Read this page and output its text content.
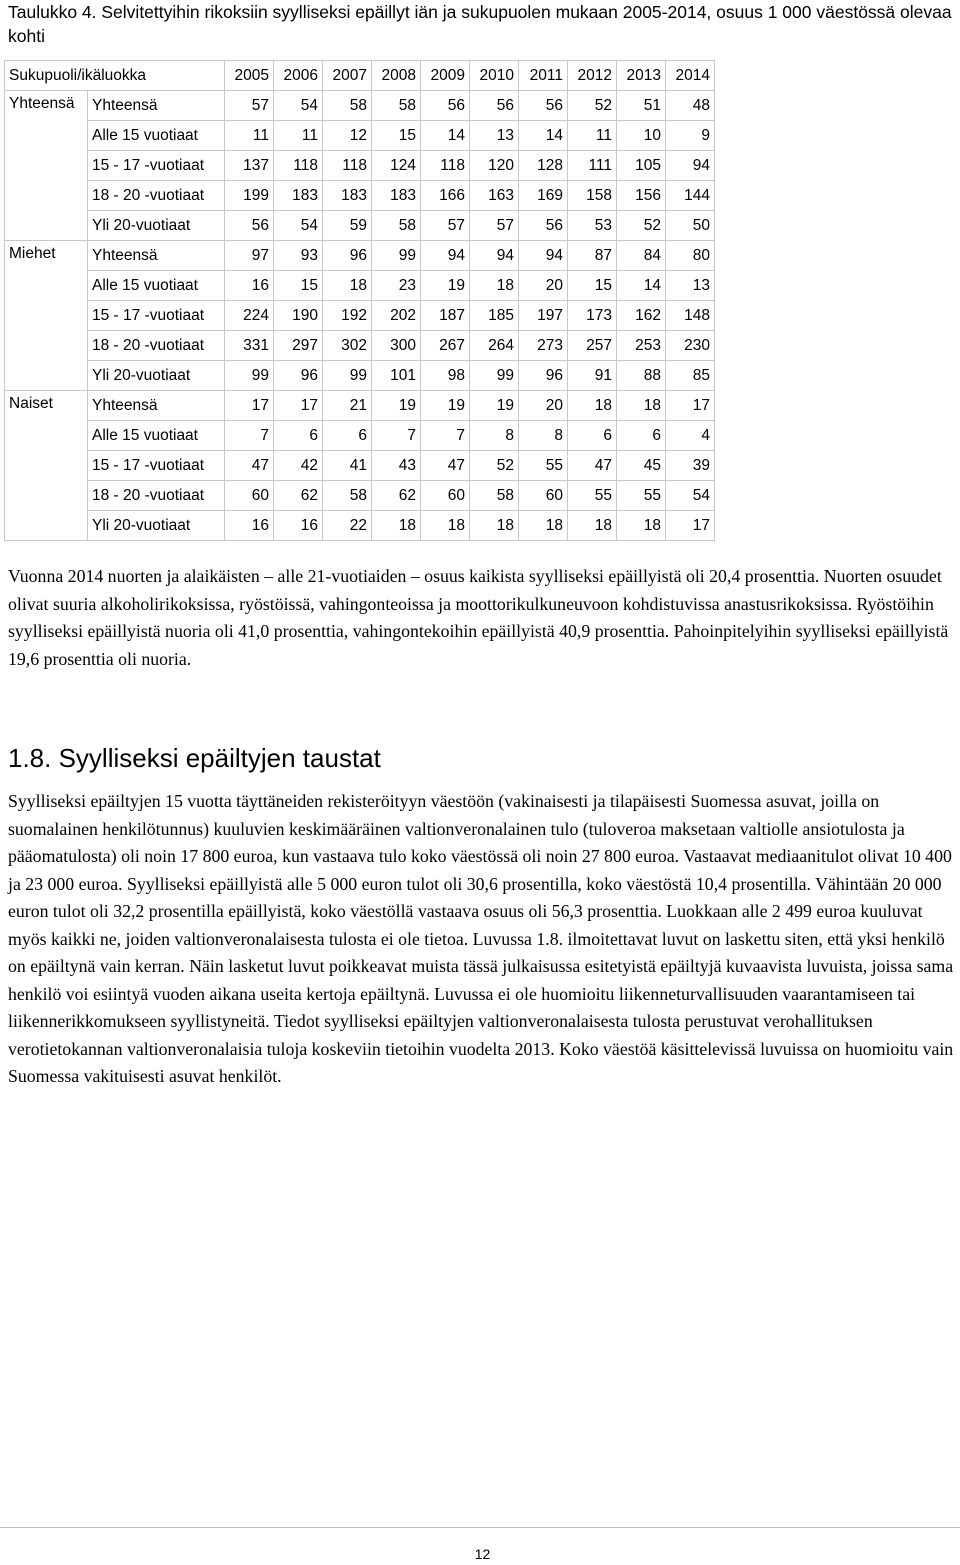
Taulukko 4. Selvitettyihin rikoksiin syylliseksi epäillyt iän ja sukupuolen mukaan 2005-2014, osuus 1 000 väestössä olevaa kohti
Sukupuoli/ikäluokka		2005	2006	2007	2008	2009	2010	2011	2012	2013	2014
Yhteensä	Yhteensä	57	54	58	58	56	56	56	52	51	48
	Alle 15 vuotiaat	11	11	12	15	14	13	14	11	10	9
	15 - 17 -vuotiaat	137	118	118	124	118	120	128	111	105	94
	18 - 20 -vuotiaat	199	183	183	183	166	163	169	158	156	144
	Yli 20-vuotiaat	56	54	59	58	57	57	56	53	52	50
Miehet	Yhteensä	97	93	96	99	94	94	94	87	84	80
	Alle 15 vuotiaat	16	15	18	23	19	18	20	15	14	13
	15 - 17 -vuotiaat	224	190	192	202	187	185	197	173	162	148
	18 - 20 -vuotiaat	331	297	302	300	267	264	273	257	253	230
	Yli 20-vuotiaat	99	96	99	101	98	99	96	91	88	85
Naiset	Yhteensä	17	17	21	19	19	19	20	18	18	17
	Alle 15 vuotiaat	7	6	6	7	7	8	8	6	6	4
	15 - 17 -vuotiaat	47	42	41	43	47	52	55	47	45	39
	18 - 20 -vuotiaat	60	62	58	62	60	58	60	55	55	54
	Yli 20-vuotiaat	16	16	22	18	18	18	18	18	18	17

Vuonna 2014 nuorten ja alaikäisten – alle 21-vuotiaiden – osuus kaikista syylliseksi epäillyistä oli 20,4 prosenttia. Nuorten osuudet olivat suuria alkoholirikoksissa, ryöstöissä, vahingonteoissa ja moottorikulkuneuvoon kohdistuvissa anastusrikoksissa. Ryöstöihin syylliseksi epäillyistä nuoria oli 41,0 prosenttia, vahingontekoihin epäillyistä 40,9 prosenttia. Pahoinpitelyihin syylliseksi epäillyistä 19,6 prosenttia oli nuoria.

1.8. Syylliseksi epäiltyjen taustat

Syylliseksi epäiltyjen 15 vuotta täyttäneiden rekisteröityyn väestöön (vakinaisesti ja tilapäisesti Suomessa asuvat, joilla on suomalainen henkilötunnus) kuuluvien keskimääräinen valtionveronalainen tulo (tuloveroa maksetaan valtiolle ansiotulosta ja pääomatulosta) oli noin 17 800 euroa, kun vastaava tulo koko väestössä oli noin 27 800 euroa. Vastaavat mediaanitulot olivat 10 400 ja 23 000 euroa. Syylliseksi epäillyistä alle 5 000 euron tulot oli 30,6 prosentilla, koko väestöstä 10,4 prosentilla. Vähintään 20 000 euron tulot oli 32,2 prosentilla epäillyistä, koko väestöllä vastaava osuus oli 56,3 prosenttia. Luokkaan alle 2 499 euroa kuuluvat myös kaikki ne, joiden valtionveronalaisesta tulosta ei ole tietoa. Luvussa 1.8. ilmoitettavat luvut on laskettu siten, että yksi henkilö on epäiltynä vain kerran. Näin lasketut luvut poikkeavat muista tässä julkaisussa esitetyistä epäiltyjä kuvaavista luvuista, joissa sama henkilö voi esiintyä vuoden aikana useita kertoja epäiltynä. Luvussa ei ole huomioitu liikenneturvallisuuden vaarantamiseen tai liikennerikkomukseen syyllistyneitä. Tiedot syylliseksi epäiltyjen valtionveronalaisesta tulosta perustuvat verohallituksen verotietokannan valtionveronalaisia tuloja koskeviin tietoihin vuodelta 2013. Koko väestöä käsittelevissä luvuissa on huomioitu vain Suomessa vakituisesti asuvat henkilöt.

12
